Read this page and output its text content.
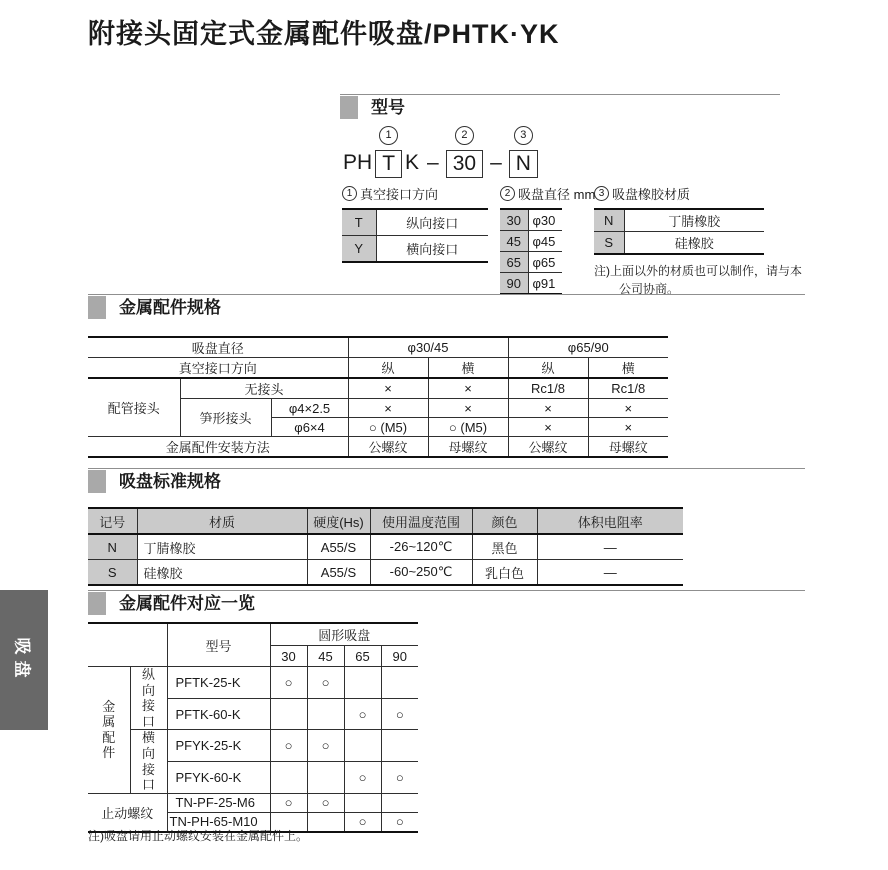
附接头固定式金属配件吸盘/PHTK·YK
吸盘
型号
PH
1
T K –
2
30 –
3
N
1 真空接口方向
T	纵向接口
Y	横向接口
2 吸盘直径 mm
30	φ30
45	φ45
65	φ65
90	φ91
3 吸盘橡胶材质
N	丁腈橡胶
S	硅橡胶
注)上面以外的材质也可以制作，请与本公司协商。
金属配件规格
吸盘直径			φ30/45		φ65/90	
真空接口方向			纵	横	纵	横
配管接头	无接头		×	×	Rc1/8	Rc1/8
	笋形接头	φ4×2.5	×	×	×	×
		φ6×4	○ (M5)	○ (M5)	×	×
金属配件安装方法			公螺纹	母螺纹	公螺纹	母螺纹
吸盘标准规格
记号	材质	硬度(Hs)	使用温度范围	颜色	体积电阻率
N	丁腈橡胶	A55/S	-26~120℃	黑色	—
S	硅橡胶	A55/S	-60~250℃	乳白色	—
金属配件对应一览
		型号	圆形吸盘			
			30	45	65	90

金属配件	纵向接口	PFTK-25-K	○	○		
		PFTK-60-K			○	○

	横向接口	PFYK-25-K	○	○		
		PFYK-60-K			○	○
止动螺纹		TN-PF-25-M6	○	○		
		TN-PH-65-M10			○	○
注)吸盘请用止动螺纹安装在金属配件上。
